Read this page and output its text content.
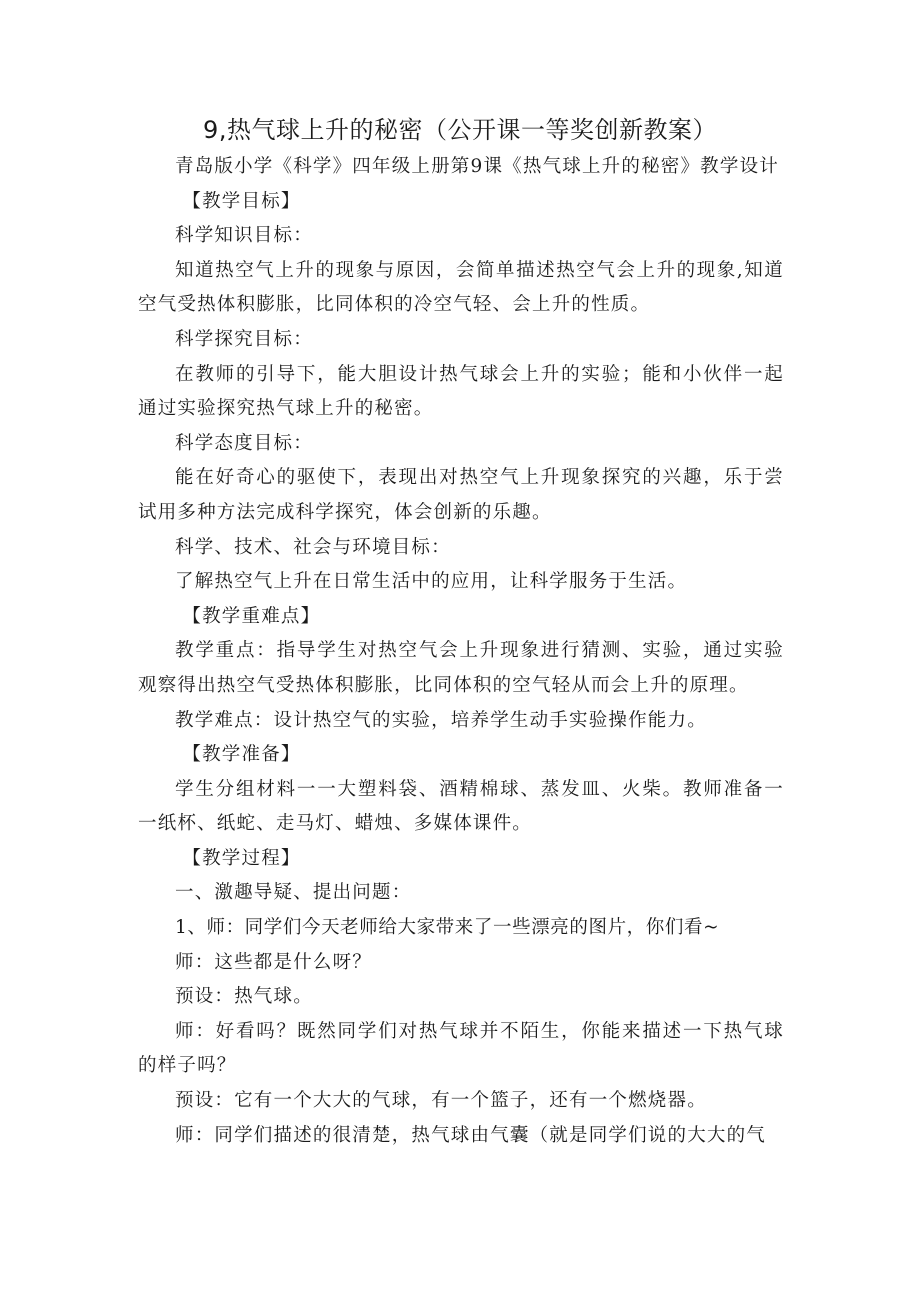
9,热气球上升的秘密（公开课一等奖创新教案）

青岛版小学《科学》四年级上册第9课《热气球上升的秘密》教学设计

【教学目标】

科学知识目标：

知道热空气上升的现象与原因，会简单描述热空气会上升的现象,知道空气受热体积膨胀，比同体积的冷空气轻、会上升的性质。

科学探究目标：

在教师的引导下，能大胆设计热气球会上升的实验；能和小伙伴一起通过实验探究热气球上升的秘密。

科学态度目标：

能在好奇心的驱使下，表现出对热空气上升现象探究的兴趣，乐于尝试用多种方法完成科学探究，体会创新的乐趣。

科学、技术、社会与环境目标：

了解热空气上升在日常生活中的应用，让科学服务于生活。

【教学重难点】

教学重点：指导学生对热空气会上升现象进行猜测、实验，通过实验观察得出热空气受热体积膨胀，比同体积的空气轻从而会上升的原理。

教学难点：设计热空气的实验，培养学生动手实验操作能力。

【教学准备】

学生分组材料一一大塑料袋、酒精棉球、蒸发皿、火柴。教师准备一一纸杯、纸蛇、走马灯、蜡烛、多媒体课件。

【教学过程】

一、激趣导疑、提出问题：

1、师：同学们今天老师给大家带来了一些漂亮的图片，你们看~

师：这些都是什么呀？

预设：热气球。

师：好看吗？既然同学们对热气球并不陌生，你能来描述一下热气球的样子吗？

预设：它有一个大大的气球，有一个篮子，还有一个燃烧器。

师：同学们描述的很清楚，热气球由气囊（就是同学们说的大大的气
